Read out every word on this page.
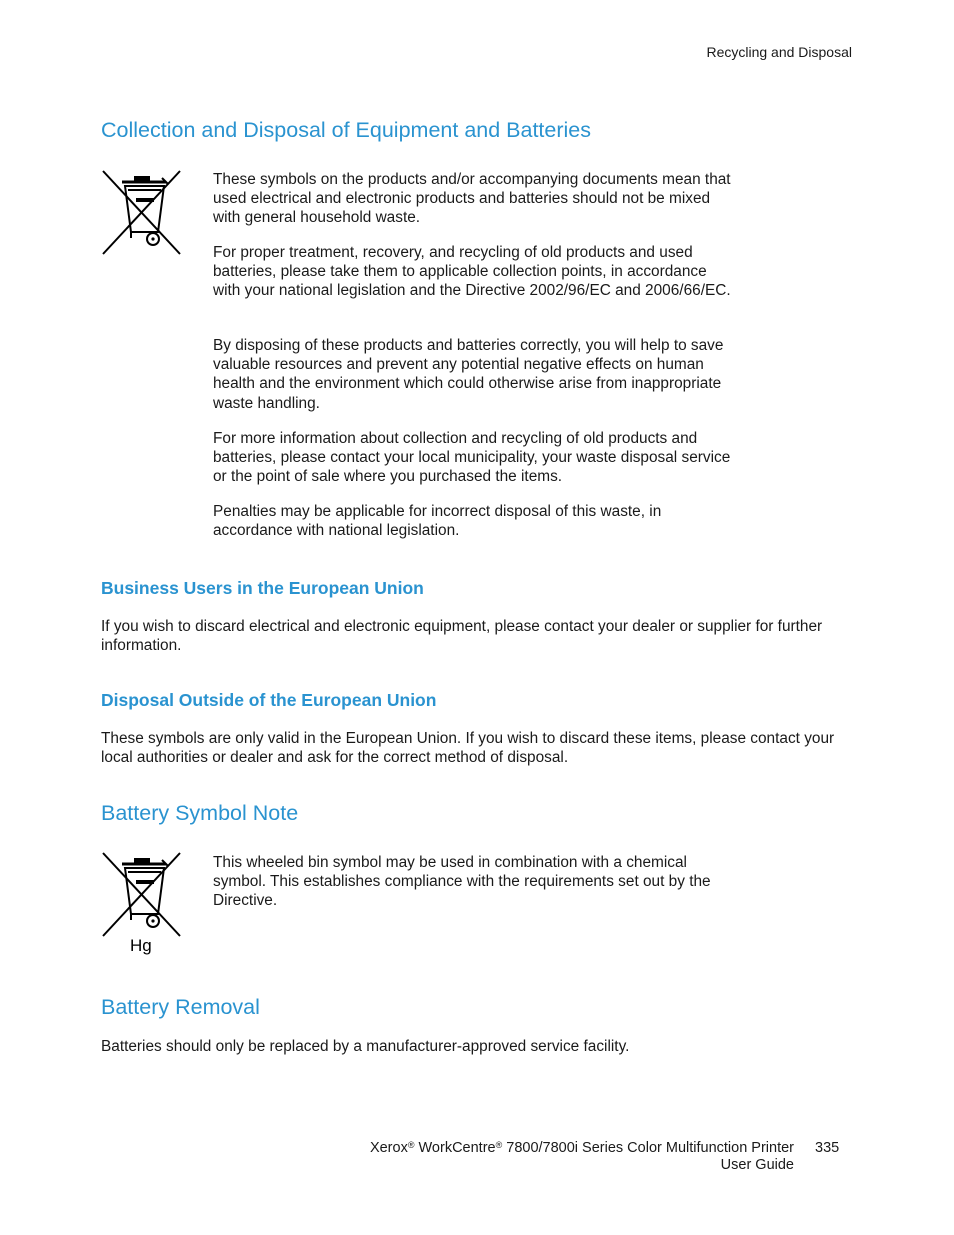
Recycling and Disposal
Collection and Disposal of Equipment and Batteries

These symbols on the products and/or accompanying documents mean that used electrical and electronic products and batteries should not be mixed with general household waste.

For proper treatment, recovery, and recycling of old products and used batteries, please take them to applicable collection points, in accordance with your national legislation and the Directive 2002/96/EC and 2006/66/EC.

By disposing of these products and batteries correctly, you will help to save valuable resources and prevent any potential negative effects on human health and the environment which could otherwise arise from inappropriate waste handling.

For more information about collection and recycling of old products and batteries, please contact your local municipality, your waste disposal service or the point of sale where you purchased the items.

Penalties may be applicable for incorrect disposal of this waste, in accordance with national legislation.

Business Users in the European Union

If you wish to discard electrical and electronic equipment, please contact your dealer or supplier for further information.

Disposal Outside of the European Union

These symbols are only valid in the European Union. If you wish to discard these items, please contact your local authorities or dealer and ask for the correct method of disposal.

Battery Symbol Note
Hg

This wheeled bin symbol may be used in combination with a chemical symbol. This establishes compliance with the requirements set out by the Directive.

Battery Removal

Batteries should only be replaced by a manufacturer-approved service facility.

Xerox® WorkCentre® 7800/7800i Series Color Multifunction Printer
User Guide
335
